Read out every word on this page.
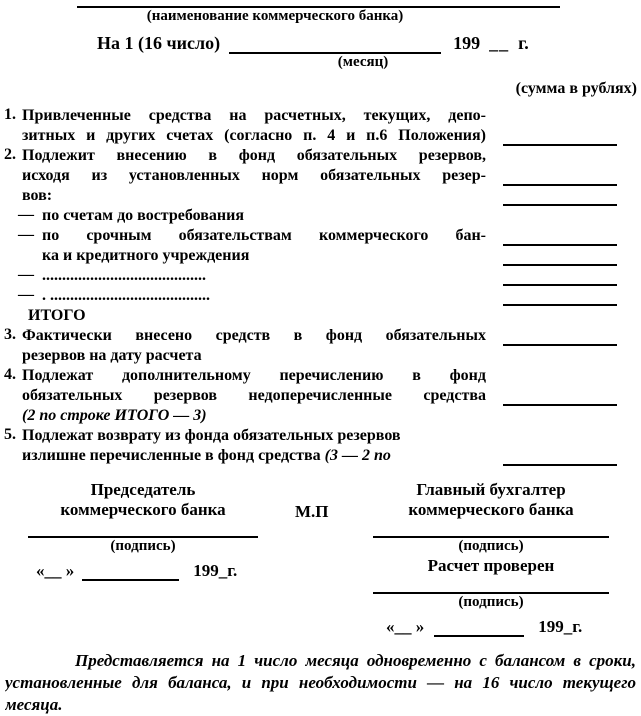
(наименование коммерческого банка)
На 1 (16 число)	199 __ г.
(месяц)
(сумма в рублях)
1. Привлеченные средства на расчетных, текущих, депо-
зитных и других счетах (согласно п. 4 и п.6 Положения)
2. Подлежит внесению в фонд обязательных резервов,
исходя из установленных норм обязательных резер-
вов:
— по счетам до востребования
— по срочным обязательствам коммерческого бан-
ка и кредитного учреждения
— .........................................
— . ........................................
ИТОГО
3. Фактически внесено средств в фонд обязательных
резервов на дату расчета
4. Подлежат дополнительному перечислению в фонд
обязательных резервов недоперечисленные средства
(2 по строке ИТОГО — 3)
5. Подлежат возврату из фонда обязательных резервов
излишне перечисленные в фонд средства (3 — 2 по
Председатель
коммерческого банка
(подпись)
«__ »	199_г.
М.П
Главный бухгалтер
коммерческого банка
(подпись)
Расчет проверен
(подпись)
«__ »	199_г.
Представляется на 1 число месяца одновременно с балансом в сроки,
установленные для баланса, и при необходимости — на 16 число текущего
месяца.
